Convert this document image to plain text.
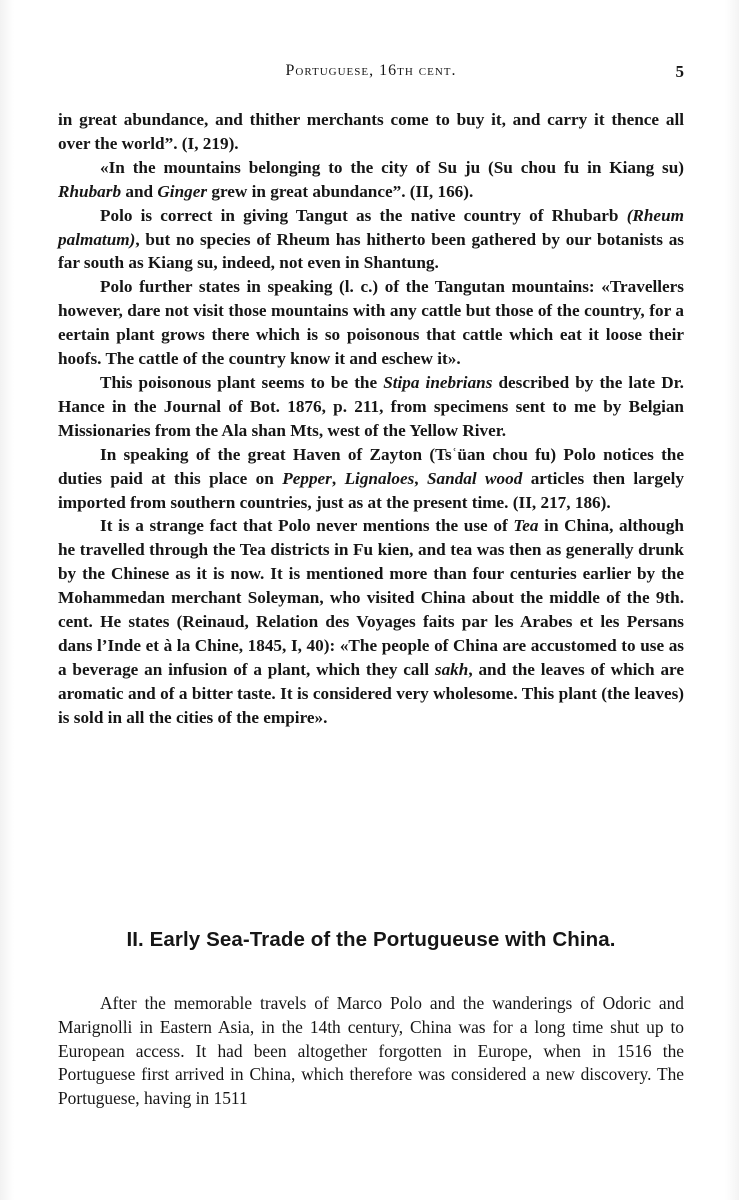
Portuguese, 16th cent.	5

in great abundance, and thither merchants come to buy it, and carry it thence all over the world”. (I, 219).

«In the mountains belonging to the city of Su ju (Su chou fu in Kiang su) Rhubarb and Ginger grew in great abundance”. (II, 166).

Polo is correct in giving Tangut as the native country of Rhubarb (Rheum palmatum), but no species of Rheum has hitherto been gathered by our botanists as far south as Kiang su, indeed, not even in Shantung.

Polo further states in speaking (l. c.) of the Tangutan mountains: «Travellers however, dare not visit those mountains with any cattle but those of the country, for a eertain plant grows there which is so poisonous that cattle which eat it loose their hoofs. The cattle of the country know it and eschew it».

This poisonous plant seems to be the Stipa inebrians described by the late Dr. Hance in the Journal of Bot. 1876, p. 211, from specimens sent to me by Belgian Missionaries from the Ala shan Mts, west of the Yellow River.

In speaking of the great Haven of Zayton (Tsʿüan chou fu) Polo notices the duties paid at this place on Pepper, Lignaloes, Sandal wood articles then largely imported from southern countries, just as at the present time. (II, 217, 186).

It is a strange fact that Polo never mentions the use of Tea in China, although he travelled through the Tea districts in Fu kien, and tea was then as generally drunk by the Chinese as it is now. It is mentioned more than four centuries earlier by the Mohammedan merchant Soleyman, who visited China about the middle of the 9th. cent. He states (Reinaud, Relation des Voyages faits par les Arabes et les Persans dans l’Inde et à la Chine, 1845, I, 40): «The people of China are accustomed to use as a beverage an infusion of a plant, which they call sakh, and the leaves of which are aromatic and of a bitter taste. It is considered very wholesome. This plant (the leaves) is sold in all the cities of the empire».

II. Early Sea-Trade of the Portugueuse with China.

After the memorable travels of Marco Polo and the wanderings of Odoric and Marignolli in Eastern Asia, in the 14th century, China was for a long time shut up to European access. It had been altogether forgotten in Europe, when in 1516 the Portuguese first arrived in China, which therefore was considered a new discovery. The Portuguese, having in 1511
